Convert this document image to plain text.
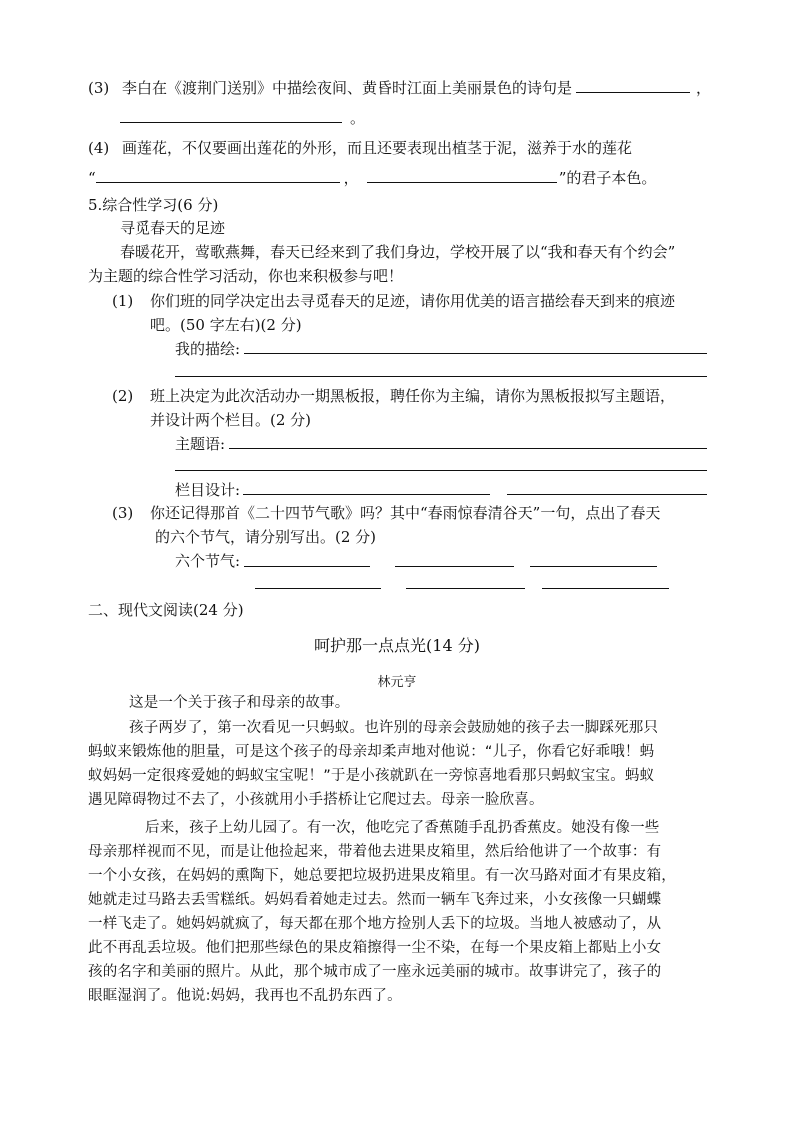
(3) 李白在《渡荆门送别》中描绘夜间、黄昏时江面上美丽景色的诗句是	，
。
(4) 画莲花，不仅要画出莲花的外形，而且还要表现出植茎于泥，滋养于水的莲花
“	，	”的君子本色。
5.综合性学习(6 分)
寻觅春天的足迹
春暖花开，莺歌燕舞，春天已经来到了我们身边，学校开展了以“我和春天有个约会”
为主题的综合性学习活动，你也来积极参与吧！
(1) 你们班的同学决定出去寻觅春天的足迹，请你用优美的语言描绘春天到来的痕迹
吧。(50 字左右)(2 分)
我的描绘:
(2) 班上决定为此次活动办一期黑板报，聘任你为主编，请你为黑板报拟写主题语，
并设计两个栏目。(2 分)
主题语:
栏目设计:
(3) 你还记得那首《二十四节气歌》吗？其中“春雨惊春清谷天”一句，点出了春天
的六个节气，请分别写出。(2 分)
六个节气:
二、现代文阅读(24 分)
呵护那一点点光(14 分)
林元亨
这是一个关于孩子和母亲的故事。
孩子两岁了，第一次看见一只蚂蚁。也许别的母亲会鼓励她的孩子去一脚踩死那只
蚂蚁来锻炼他的胆量，可是这个孩子的母亲却柔声地对他说：“儿子，你看它好乖哦！蚂
蚁妈妈一定很疼爱她的蚂蚁宝宝呢！”于是小孩就趴在一旁惊喜地看那只蚂蚁宝宝。蚂蚁
遇见障碍物过不去了，小孩就用小手搭桥让它爬过去。母亲一脸欣喜。
后来，孩子上幼儿园了。有一次，他吃完了香蕉随手乱扔香蕉皮。她没有像一些
母亲那样视而不见，而是让他捡起来，带着他去进果皮箱里，然后给他讲了一个故事：有
一个小女孩，在妈妈的熏陶下，她总要把垃圾扔进果皮箱里。有一次马路对面才有果皮箱，
她就走过马路去丢雪糕纸。妈妈看着她走过去。然而一辆车飞奔过来，小女孩像一只蝴蝶
一样飞走了。她妈妈就疯了，每天都在那个地方捡别人丢下的垃圾。当地人被感动了，从
此不再乱丢垃圾。他们把那些绿色的果皮箱擦得一尘不染，在每一个果皮箱上都贴上小女
孩的名字和美丽的照片。从此，那个城市成了一座永远美丽的城市。故事讲完了，孩子的
眼眶湿润了。他说:妈妈，我再也不乱扔东西了。
